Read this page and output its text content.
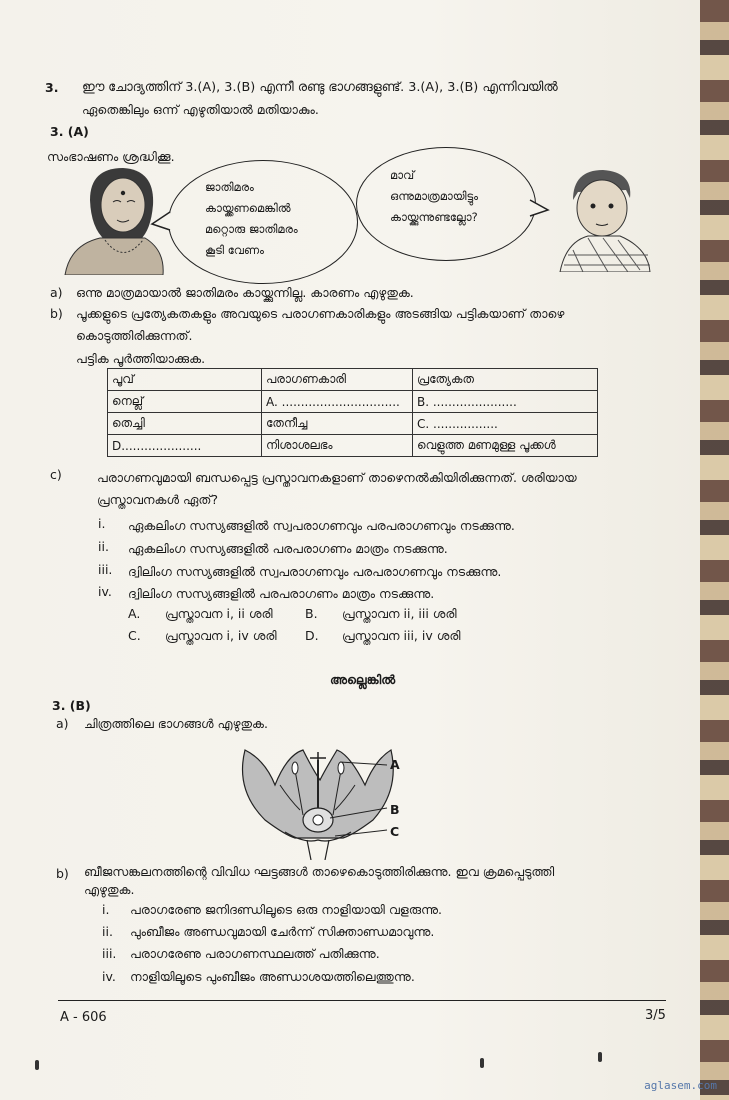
3. ഈ ചോദ്യത്തിന് 3.(A), 3.(B) എന്നീ രണ്ടു ഭാഗങ്ങളുണ്ട്. 3.(A), 3.(B) എന്നിവയിൽ
ഏതെങ്കിലും ഒന്ന് എഴുതിയാൽ മതിയാകും.
3. (A)
സംഭാഷണം ശ്രദ്ധിക്കൂ.
ജാതിമരം
കായ്ക്കണമെങ്കിൽ
മറ്റൊരു ജാതിമരം
കൂടി വേണം
മാവ്
ഒന്നുമാത്രമായിട്ടും
കായ്ക്കുന്നുണ്ടല്ലോ?
a) ഒന്നു മാത്രമായാൽ ജാതിമരം കായ്ക്കുന്നില്ല. കാരണം എഴുതുക.
b) പൂക്കളുടെ പ്രത്യേകതകളും അവയുടെ പരാഗണകാരികളും അടങ്ങിയ പട്ടികയാണ് താഴെ
കൊടുത്തിരിക്കുന്നത്.
പട്ടിക പൂർത്തിയാക്കുക.
പൂവ്	പരാഗണകാരി	പ്രത്യേകത
നെല്ല്	A. ...............................	B. ......................
തെച്ചി	തേനീച്ച	C. .................
D.....................	നിശാശലഭം	വെളുത്ത മണമുള്ള പൂക്കൾ
c)	പരാഗണവുമായി ബന്ധപ്പെട്ട പ്രസ്താവനകളാണ് താഴെനൽകിയിരിക്കുന്നത്. ശരിയായ
പ്രസ്താവനകൾ ഏത്?
i. ഏകലിംഗ സസ്യങ്ങളിൽ സ്വപരാഗണവും പരപരാഗണവും നടക്കുന്നു.
ii. ഏകലിംഗ സസ്യങ്ങളിൽ പരപരാഗണം മാത്രം നടക്കുന്നു.
iii. ദ്വിലിംഗ സസ്യങ്ങളിൽ സ്വപരാഗണവും പരപരാഗണവും നടക്കുന്നു.
iv. ദ്വിലിംഗ സസ്യങ്ങളിൽ പരപരാഗണം മാത്രം നടക്കുന്നു.
A. പ്രസ്താവന i, ii ശരി	B. പ്രസ്താവന ii, iii ശരി
C. പ്രസ്താവന i, iv ശരി D. പ്രസ്താവന iii, iv ശരി
അല്ലെങ്കിൽ
3. (B)
a) ചിത്രത്തിലെ ഭാഗങ്ങൾ എഴുതുക.
A
B
C
b) ബീജസങ്കലനത്തിന്റെ വിവിധ ഘട്ടങ്ങൾ താഴെകൊടുത്തിരിക്കുന്നു. ഇവ ക്രമപ്പെടുത്തി
എഴുതുക.
i. പരാഗരേണു ജനിദണ്ഡിലൂടെ ഒരു നാളിയായി വളരുന്നു.
ii. പുംബീജം അണ്ഡവുമായി ചേർന്ന് സിക്താണ്ഡമാവുന്നു.
iii. പരാഗരേണു പരാഗണസ്ഥലത്ത് പതിക്കുന്നു.
iv. നാളിയിലൂടെ പുംബീജം അണ്ഡാശയത്തിലെത്തുന്നു.
A - 606	3/5
aglasem.com
